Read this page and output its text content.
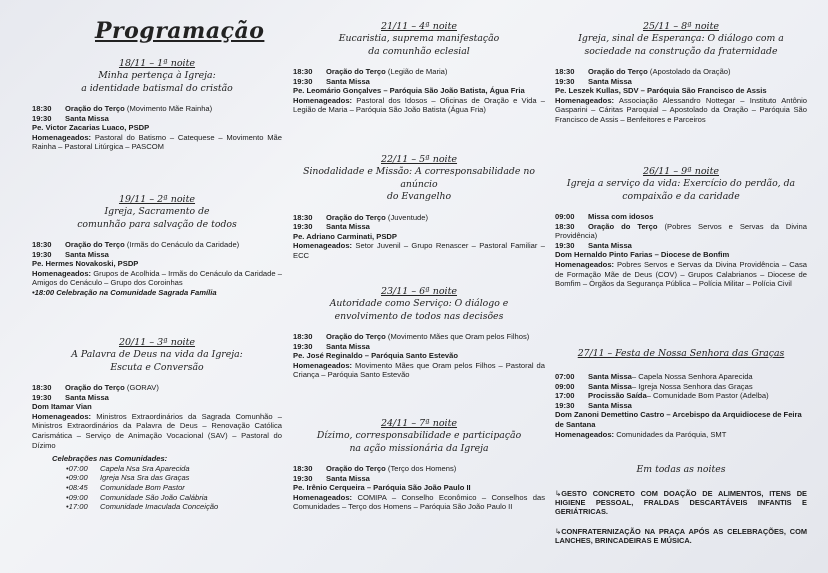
Programação
18/11 – 1ª noite
Minha pertença à Igreja:
a identidade batismal do cristão
18:30	Oração do Terço
(Movimento Mãe Rainha)
19:30	Santa Missa
Pe. Victor Zacarias Luaco, PSDP
Homenageados: Pastoral do Batismo – Catequese – Movimento Mãe Rainha – Pastoral Litúrgica – PASCOM
19/11 – 2ª noite
Igreja, Sacramento de
comunhão para salvação de todos
18:30	Oração do Terço
(Irmãs do Cenáculo da Caridade)
19:30	Santa Missa
Pe. Hermes Novakoski, PSDP
Homenageados: Grupos de Acolhida – Irmãs do Cenáculo da Caridade – Amigos do Cenáculo – Grupo dos Coroinhas
•18:00 Celebração na Comunidade Sagrada Família
20/11 – 3ª noite
A Palavra de Deus na vida da Igreja:
Escuta e Conversão
18:30	Oração do Terço
(GORAV)
19:30	Santa Missa
Dom Itamar Vian
Homenageados: Ministros Extraordinários da Sagrada Comunhão – Ministros Extraordinários da Palavra de Deus – Renovação Católica Carismática – Serviço de Animação Vocacional (SAV) – Pastoral do Dízimo
Celebrações nas Comunidades:
•07:00	Capela Nsa Sra Aparecida
•09:00	Igreja Nsa Sra das Graças
•08:45	Comunidade Bom Pastor
•09:00	Comunidade São João Calábria
•17:00	Comunidade Imaculada Conceição
21/11 – 4ª noite
Eucaristia, suprema manifestação
da comunhão eclesial
18:30	Oração do Terço
(Legião de Maria)
19:30	Santa Missa
Pe. Leomário Gonçalves – Paróquia São João Batista, Água Fria
Homenageados: Pastoral dos Idosos – Oficinas de Oração e Vida – Legião de Maria – Paróquia São João Batista (Água Fria)
22/11 – 5ª noite
Sinodalidade e Missão: A corresponsabilidade no anúncio
do Evangelho
18:30	Oração do Terço
(Juventude)
19:30	Santa Missa
Pe. Adriano Carminati, PSDP
Homenageados: Setor Juvenil – Grupo Renascer – Pastoral Familiar – ECC
23/11 – 6ª noite
Autoridade como Serviço: O diálogo e
envolvimento de todos nas decisões
18:30	Oração do Terço
(Movimento Mães que Oram pelos Filhos)
19:30	Santa Missa
Pe. José Reginaldo – Paróquia Santo Estevão
Homenageados: Movimento Mães que Oram pelos Filhos – Pastoral da Criança – Paróquia Santo Estevão
24/11 – 7ª noite
Dízimo, corresponsabilidade e participação
na ação missionária da Igreja
18:30	Oração do Terço
(Terço dos Homens)
19:30	Santa Missa
Pe. Irênio Cerqueira – Paróquia São João Paulo II
Homenageados: COMIPA – Conselho Econômico – Conselhos das Comunidades – Terço dos Homens – Paróquia São João Paulo II
25/11 – 8ª noite
Igreja, sinal de Esperança: O diálogo com a
sociedade na construção da fraternidade
18:30	Oração do Terço
(Apostolado da Oração)
19:30	Santa Missa
Pe. Leszek Kullas, SDV – Paróquia São Francisco de Assis
Homenageados: Associação Alessandro Nottegar – Instituto Antônio Gasparini – Cáritas Paroquial – Apostolado da Oração – Paróquia São Francisco de Assis – Benfeitores e Parceiros
26/11 – 9ª noite
Igreja a serviço da vida: Exercício do perdão, da
compaixão e da caridade
09:00	Missa com idosos
18:30 Oração do Terço (Pobres Servos e Servas da Divina Providência)
19:30	Santa Missa
Dom Hernaldo Pinto Farias – Diocese de Bonfim
Homenageados: Pobres Servos e Servas da Divina Providência – Casa de Formação Mãe de Deus (COV) – Grupos Calabrianos – Diocese de Bomfim – Órgãos da Segurança Pública – Polícia Militar – Polícia Civil
27/11 – Festa de Nossa Senhora das Graças
07:00	Santa Missa – Capela Nossa Senhora Aparecida
09:00	Santa Missa – Igreja Nossa Senhora das Graças
17:00	Procissão Saída – Comunidade Bom Pastor (Adelba)
19:30	Santa Missa
Dom Zanoni Demettino Castro – Arcebispo da Arquidiocese de Feira de Santana
Homenageados: Comunidades da Paróquia, SMT
Em todas as noites
↳GESTO CONCRETO COM DOAÇÃO DE ALIMENTOS, ITENS DE HIGIENE PESSOAL, FRALDAS DESCARTÁVEIS INFANTIS E GERIÁTRICAS.
↳CONFRATERNIZAÇÃO NA PRAÇA APÓS AS CELEBRAÇÕES, COM LANCHES, BRINCADEIRAS E MÚSICA.
